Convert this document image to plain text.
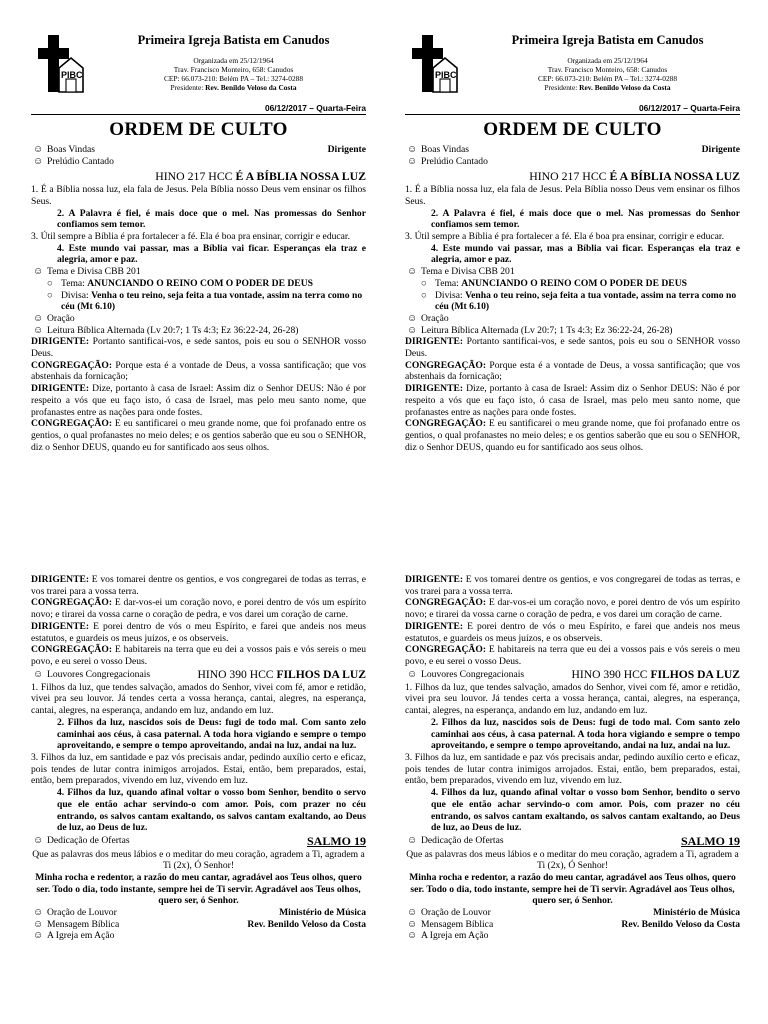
PIBC
Primeira Igreja Batista em Canudos
Organizada em 25/12/1964
Trav. Francisco Monteiro, 658: Canudos
CEP: 66.073-210: Belém PA – Tel.: 3274-0288
Presidente: Rev. Benildo Veloso da Costa
06/12/2017 – Quarta-Feira
ORDEM DE CULTO
☺ Boas Vindas	Dirigente
☺ Prelúdio Cantado
HINO 217 HCC É A BÍBLIA NOSSA LUZ

1. É a Bíblia nossa luz, ela fala de Jesus. Pela Bíblia nosso Deus vem ensinar os filhos Seus.

2. A Palavra é fiel, é mais doce que o mel. Nas promessas do Senhor confiamos sem temor.

3. Útil sempre a Bíblia é pra fortalecer a fé. Ela é boa pra ensinar, corrigir e educar.

4. Este mundo vai passar, mas a Bíblia vai ficar. Esperanças ela traz e alegria, amor e paz.
☺ Tema e Divisa CBB 201
○ Tema: ANUNCIANDO O REINO COM O PODER DE DEUS
○ Divisa: Venha o teu reino, seja feita a tua vontade, assim na terra como no céu (Mt 6.10)
☺ Oração
☺ Leitura Bíblica Alternada (Lv 20:7; 1 Ts 4:3; Ez 36:22-24, 26-28)

DIRIGENTE: Portanto santificai-vos, e sede santos, pois eu sou o SENHOR vosso Deus.

CONGREGAÇÃO: Porque esta é a vontade de Deus, a vossa santificação; que vos abstenhais da fornicação;

DIRIGENTE: Dize, portanto à casa de Israel: Assim diz o Senhor DEUS: Não é por respeito a vós que eu faço isto, ó casa de Israel, mas pelo meu santo nome, que profanastes entre as nações para onde fostes.

CONGREGAÇÃO: E eu santificarei o meu grande nome, que foi profanado entre os gentios, o qual profanastes no meio deles; e os gentios saberão que eu sou o SENHOR, diz o Senhor DEUS, quando eu for santificado aos seus olhos.

DIRIGENTE: E vos tomarei dentre os gentios, e vos congregarei de todas as terras, e vos trarei para a vossa terra.

CONGREGAÇÃO: E dar-vos-ei um coração novo, e porei dentro de vós um espírito novo; e tirarei da vossa carne o coração de pedra, e vos darei um coração de carne.

DIRIGENTE: E porei dentro de vós o meu Espírito, e farei que andeis nos meus estatutos, e guardeis os meus juízos, e os observeis.

CONGREGAÇÃO: E habitareis na terra que eu dei a vossos pais e vós sereis o meu povo, e eu serei o vosso Deus.

☺ Louvores Congregacionais	HINO 390 HCC FILHOS DA LUZ

1. Filhos da luz, que tendes salvação, amados do Senhor, vivei com fé, amor e retidão, vivei pra seu louvor. Já tendes certa a vossa herança, cantai, alegres, na esperança, cantai, alegres, na esperança, andando em luz, andando em luz.

2. Filhos da luz, nascidos sois de Deus: fugi de todo mal. Com santo zelo caminhai aos céus, à casa paternal. A toda hora vigiando e sempre o tempo aproveitando, e sempre o tempo aproveitando, andai na luz, andai na luz.

3. Filhos da luz, em santidade e paz vós precisais andar, pedindo auxílio certo e eficaz, pois tendes de lutar contra inimigos arrojados. Estai, então, bem preparados, estai, então, bem preparados, vivendo em luz, vivendo em luz.

4. Filhos da luz, quando afinal voltar o vosso bom Senhor, bendito o servo que ele então achar servindo-o com amor. Pois, com prazer no céu entrando, os salvos cantam exaltando, os salvos cantam exaltando, ao Deus de luz, ao Deus de luz.
☺ Dedicação de Ofertas	SALMO 19
Que as palavras dos meus lábios e o meditar do meu coração, agradem a Ti, agradem a Ti (2x), Ó Senhor!
Minha rocha e redentor, a razão do meu cantar, agradável aos Teus olhos, quero ser. Todo o dia, todo instante, sempre hei de Ti servir. Agradável aos Teus olhos, quero ser, ó Senhor.
☺ Oração de Louvor	Ministério de Música
☺ Mensagem Bíblica	Rev. Benildo Veloso da Costa
☺ A Igreja em Ação
PIBC
Primeira Igreja Batista em Canudos
Organizada em 25/12/1964
Trav. Francisco Monteiro, 658: Canudos
CEP: 66.073-210: Belém PA – Tel.: 3274-0288
Presidente: Rev. Benildo Veloso da Costa
06/12/2017 – Quarta-Feira
ORDEM DE CULTO
☺ Boas Vindas	Dirigente
☺ Prelúdio Cantado
HINO 217 HCC É A BÍBLIA NOSSA LUZ

1. É a Bíblia nossa luz, ela fala de Jesus. Pela Bíblia nosso Deus vem ensinar os filhos Seus.

2. A Palavra é fiel, é mais doce que o mel. Nas promessas do Senhor confiamos sem temor.

3. Útil sempre a Bíblia é pra fortalecer a fé. Ela é boa pra ensinar, corrigir e educar.

4. Este mundo vai passar, mas a Bíblia vai ficar. Esperanças ela traz e alegria, amor e paz.
☺ Tema e Divisa CBB 201
○ Tema: ANUNCIANDO O REINO COM O PODER DE DEUS
○ Divisa: Venha o teu reino, seja feita a tua vontade, assim na terra como no céu (Mt 6.10)
☺ Oração
☺ Leitura Bíblica Alternada (Lv 20:7; 1 Ts 4:3; Ez 36:22-24, 26-28)

DIRIGENTE: Portanto santificai-vos, e sede santos, pois eu sou o SENHOR vosso Deus.

CONGREGAÇÃO: Porque esta é a vontade de Deus, a vossa santificação; que vos abstenhais da fornicação;

DIRIGENTE: Dize, portanto à casa de Israel: Assim diz o Senhor DEUS: Não é por respeito a vós que eu faço isto, ó casa de Israel, mas pelo meu santo nome, que profanastes entre as nações para onde fostes.

CONGREGAÇÃO: E eu santificarei o meu grande nome, que foi profanado entre os gentios, o qual profanastes no meio deles; e os gentios saberão que eu sou o SENHOR, diz o Senhor DEUS, quando eu for santificado aos seus olhos.

DIRIGENTE: E vos tomarei dentre os gentios, e vos congregarei de todas as terras, e vos trarei para a vossa terra.

CONGREGAÇÃO: E dar-vos-ei um coração novo, e porei dentro de vós um espírito novo; e tirarei da vossa carne o coração de pedra, e vos darei um coração de carne.

DIRIGENTE: E porei dentro de vós o meu Espírito, e farei que andeis nos meus estatutos, e guardeis os meus juízos, e os observeis.

CONGREGAÇÃO: E habitareis na terra que eu dei a vossos pais e vós sereis o meu povo, e eu serei o vosso Deus.

☺ Louvores Congregacionais	HINO 390 HCC FILHOS DA LUZ

1. Filhos da luz, que tendes salvação, amados do Senhor, vivei com fé, amor e retidão, vivei pra seu louvor. Já tendes certa a vossa herança, cantai, alegres, na esperança, cantai, alegres, na esperança, andando em luz, andando em luz.

2. Filhos da luz, nascidos sois de Deus: fugi de todo mal. Com santo zelo caminhai aos céus, à casa paternal. A toda hora vigiando e sempre o tempo aproveitando, e sempre o tempo aproveitando, andai na luz, andai na luz.

3. Filhos da luz, em santidade e paz vós precisais andar, pedindo auxílio certo e eficaz, pois tendes de lutar contra inimigos arrojados. Estai, então, bem preparados, estai, então, bem preparados, vivendo em luz, vivendo em luz.

4. Filhos da luz, quando afinal voltar o vosso bom Senhor, bendito o servo que ele então achar servindo-o com amor. Pois, com prazer no céu entrando, os salvos cantam exaltando, os salvos cantam exaltando, ao Deus de luz, ao Deus de luz.
☺ Dedicação de Ofertas	SALMO 19
Que as palavras dos meus lábios e o meditar do meu coração, agradem a Ti, agradem a Ti (2x), Ó Senhor!
Minha rocha e redentor, a razão do meu cantar, agradável aos Teus olhos, quero ser. Todo o dia, todo instante, sempre hei de Ti servir. Agradável aos Teus olhos, quero ser, ó Senhor.
☺ Oração de Louvor	Ministério de Música
☺ Mensagem Bíblica	Rev. Benildo Veloso da Costa
☺ A Igreja em Ação
